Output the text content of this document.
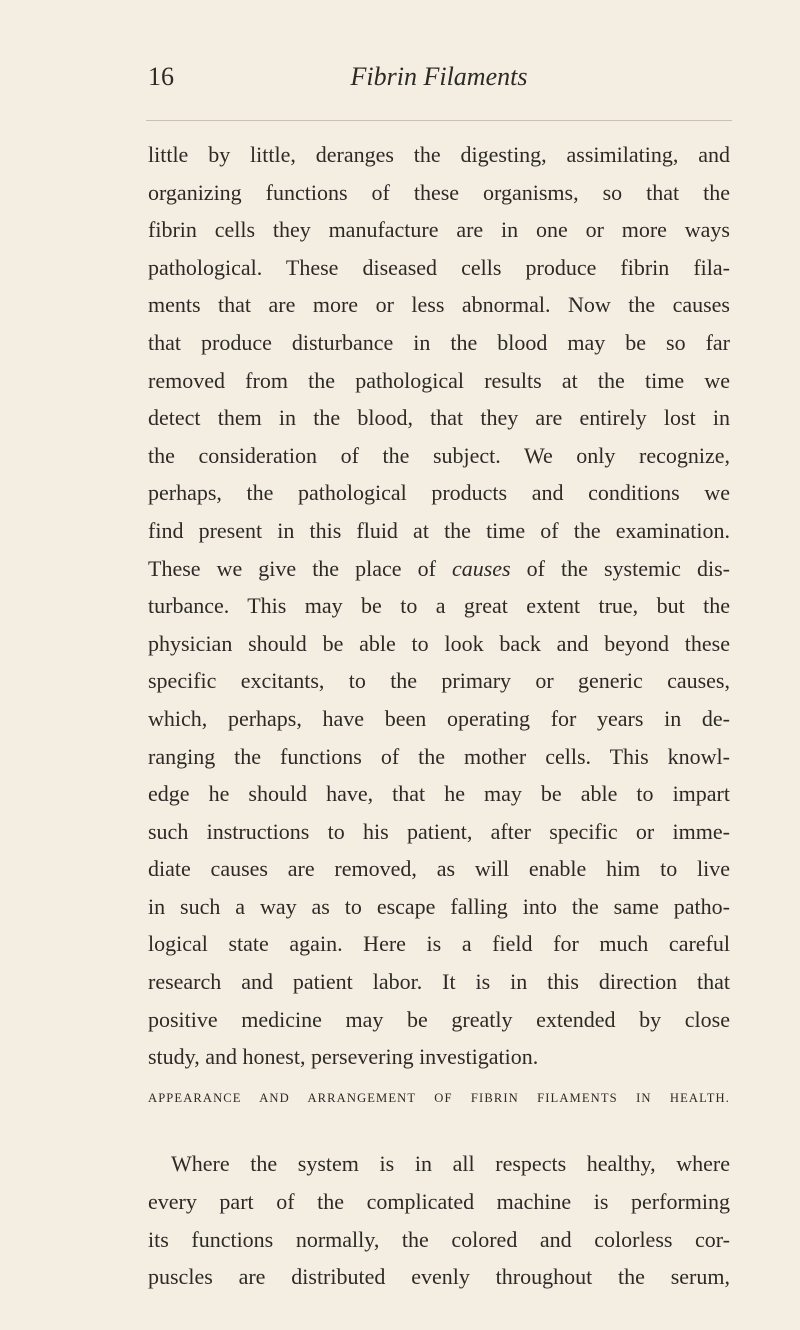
16	Fibrin Filaments
little by little, deranges the digesting, assimilating, and
organizing functions of these organisms, so that the
fibrin cells they manufacture are in one or more ways
pathological. These diseased cells produce fibrin fila-
ments that are more or less abnormal. Now the causes
that produce disturbance in the blood may be so far
removed from the pathological results at the time we
detect them in the blood, that they are entirely lost in
the consideration of the subject. We only recognize,
perhaps, the pathological products and conditions we
find present in this fluid at the time of the examination.
These we give the place of causes of the systemic dis-
turbance. This may be to a great extent true, but the
physician should be able to look back and beyond these
specific excitants, to the primary or generic causes,
which, perhaps, have been operating for years in de-
ranging the functions of the mother cells. This knowl-
edge he should have, that he may be able to impart
such instructions to his patient, after specific or imme-
diate causes are removed, as will enable him to live
in such a way as to escape falling into the same patho-
logical state again. Here is a field for much careful
research and patient labor. It is in this direction that
positive medicine may be greatly extended by close
study, and honest, persevering investigation.
APPEARANCE AND ARRANGEMENT OF FIBRIN FILAMENTS IN HEALTH.
Where the system is in all respects healthy, where
every part of the complicated machine is performing
its functions normally, the colored and colorless cor-
puscles are distributed evenly throughout the serum,
